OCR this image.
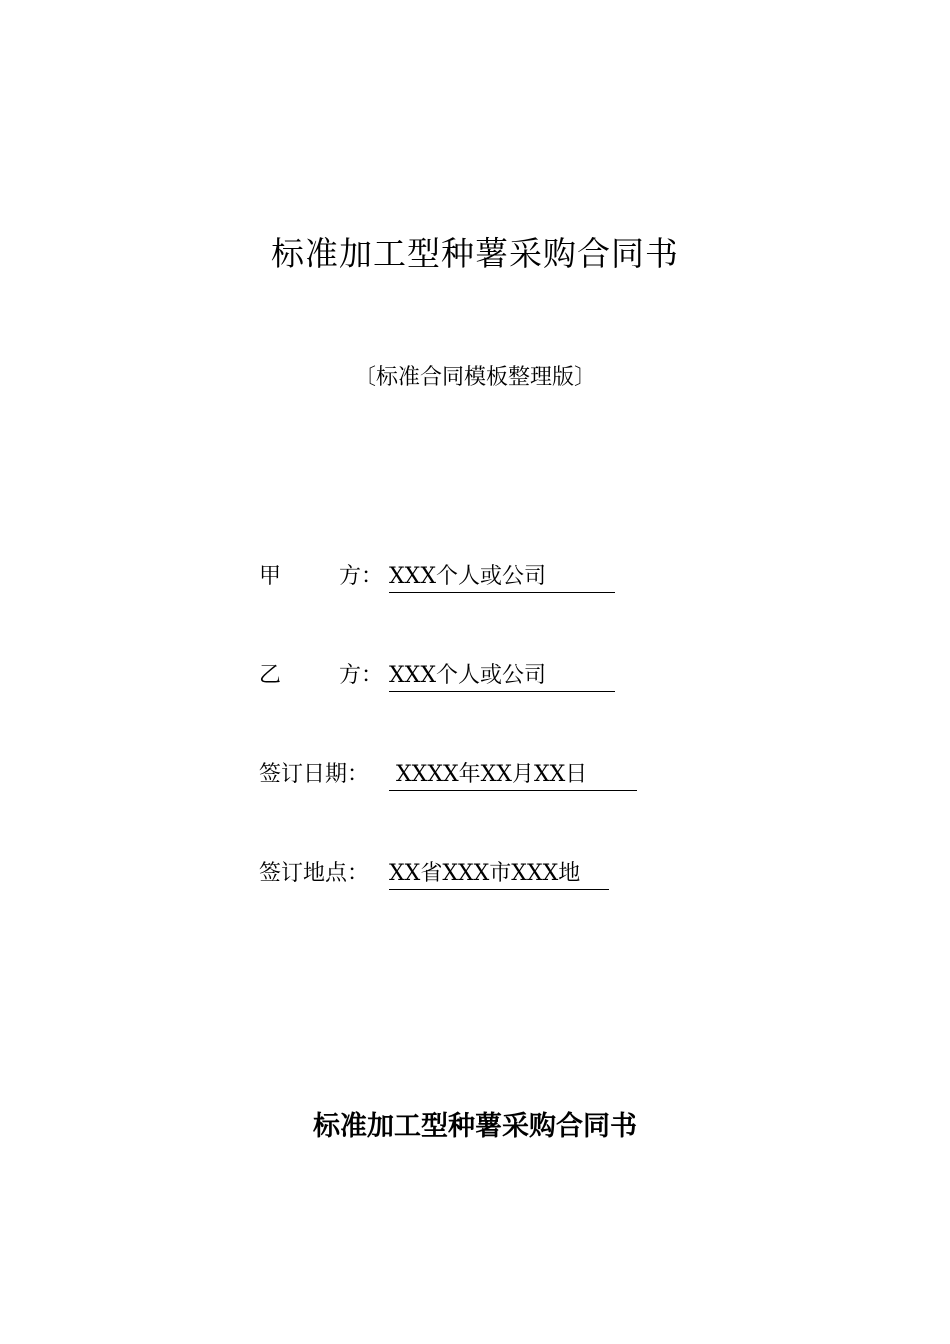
标准加工型种薯采购合同书

〔标准合同模板整理版〕

甲	方： XXX个人或公司
乙	方： XXX个人或公司
签订日期： XXXX年XX月XX日
签订地点： XX省XXX市XXX地
标准加工型种薯采购合同书
